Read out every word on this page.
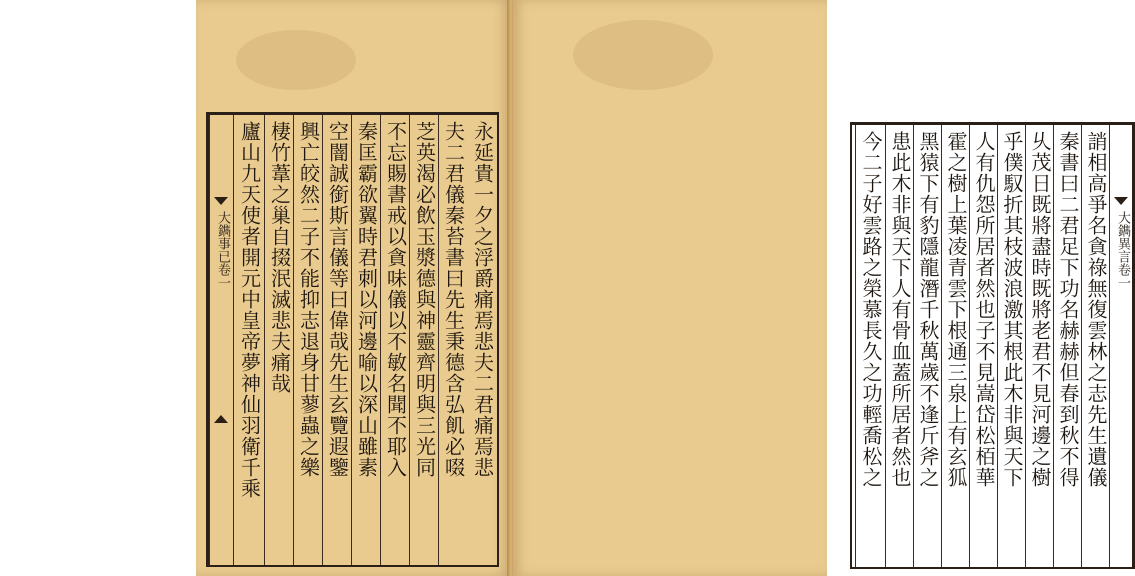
永延貴一夕之浮爵痛焉悲夫二君痛焉悲
夫二君儀秦苔書曰先生秉德含弘飢必啜
芝英渴必飲玉漿德與神靈齊明與三光同
不忘賜書戒以貪味儀以不敏名聞不耶入
秦匡霸欲翼時君刺以河邊喻以深山雖素
空闇誠銜斯言儀等曰偉哉先生玄覽遐鑒
興亡皎然二子不能抑志退身甘蓼蟲之樂
棲竹葦之巢自掇泯滅悲夫痛哉
廬山九天使者開元中皇帝夢神仙羽衛千乘
大鐫事已卷一	大鐫異言卷一
誚相高爭名貪祿無復雲林之志先生遺儀
秦書曰二君足下功名赫赫但春到秋不得
乆茂日既將盡時既將老君不見河邊之樹
乎僕馭折其枝波浪激其根此木非與天下
人有仇怨所居者然也子不見嵩岱松栢華
霍之樹上葉凌青雲下根通三泉上有玄狐
黑猿下有豹隱龍潛千秋萬歲不逢斤斧之
患此木非與天下人有骨血蓋所居者然也
今二子好雲路之榮慕長久之功輕喬松之
